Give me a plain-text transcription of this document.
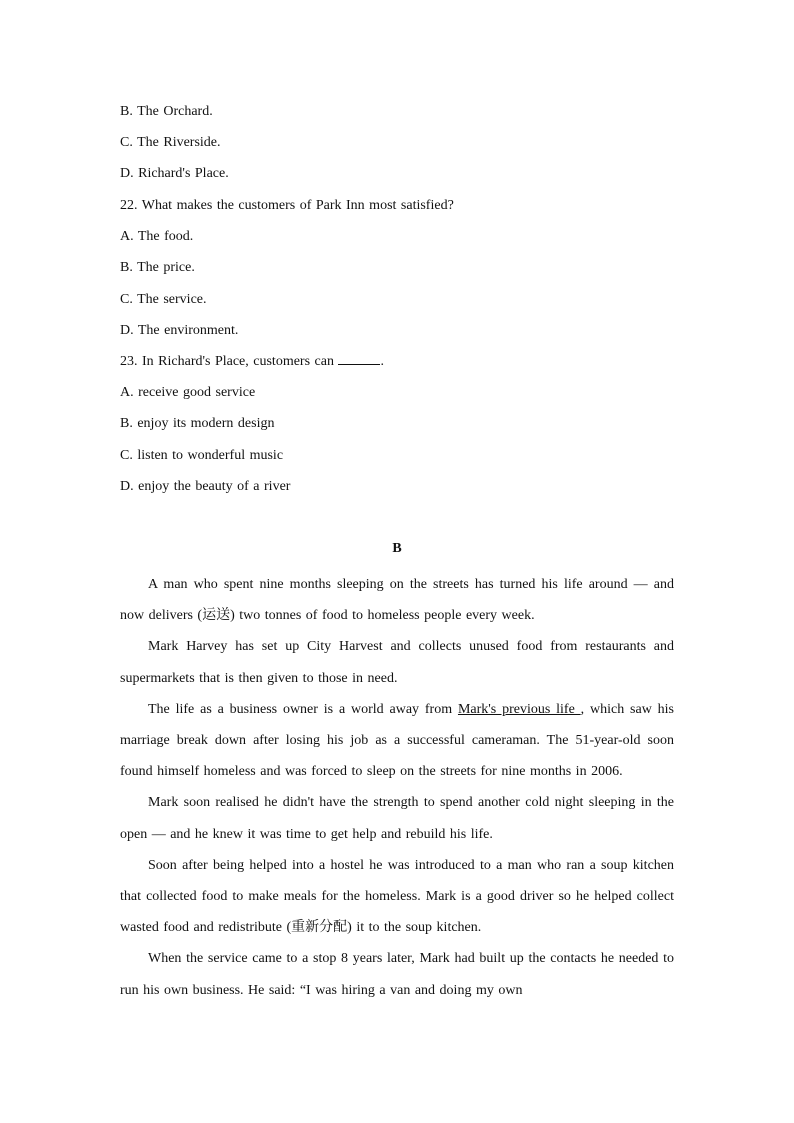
B. The Orchard.
C. The Riverside.
D. Richard's Place.
22. What makes the customers of Park Inn most satisfied?
A. The food.
B. The price.
C. The service.
D. The environment.
23. In Richard's Place, customers can	.
A. receive good service
B. enjoy its modern design
C. listen to wonderful music
D. enjoy the beauty of a river
B

A man who spent nine months sleeping on the streets has turned his life around — and now delivers (运送) two tonnes of food to homeless people every week.

Mark Harvey has set up City Harvest and collects unused food from restaurants and supermarkets that is then given to those in need.

The life as a business owner is a world away from Mark's previous life , which saw his marriage break down after losing his job as a successful cameraman. The 51-year-old soon found himself homeless and was forced to sleep on the streets for nine months in 2006.

Mark soon realised he didn't have the strength to spend another cold night sleeping in the open — and he knew it was time to get help and rebuild his life.

Soon after being helped into a hostel he was introduced to a man who ran a soup kitchen that collected food to make meals for the homeless. Mark is a good driver so he helped collect wasted food and redistribute (重新分配) it to the soup kitchen.

When the service came to a stop 8 years later, Mark had built up the contacts he needed to run his own business. He said: “I was hiring a van and doing my own
